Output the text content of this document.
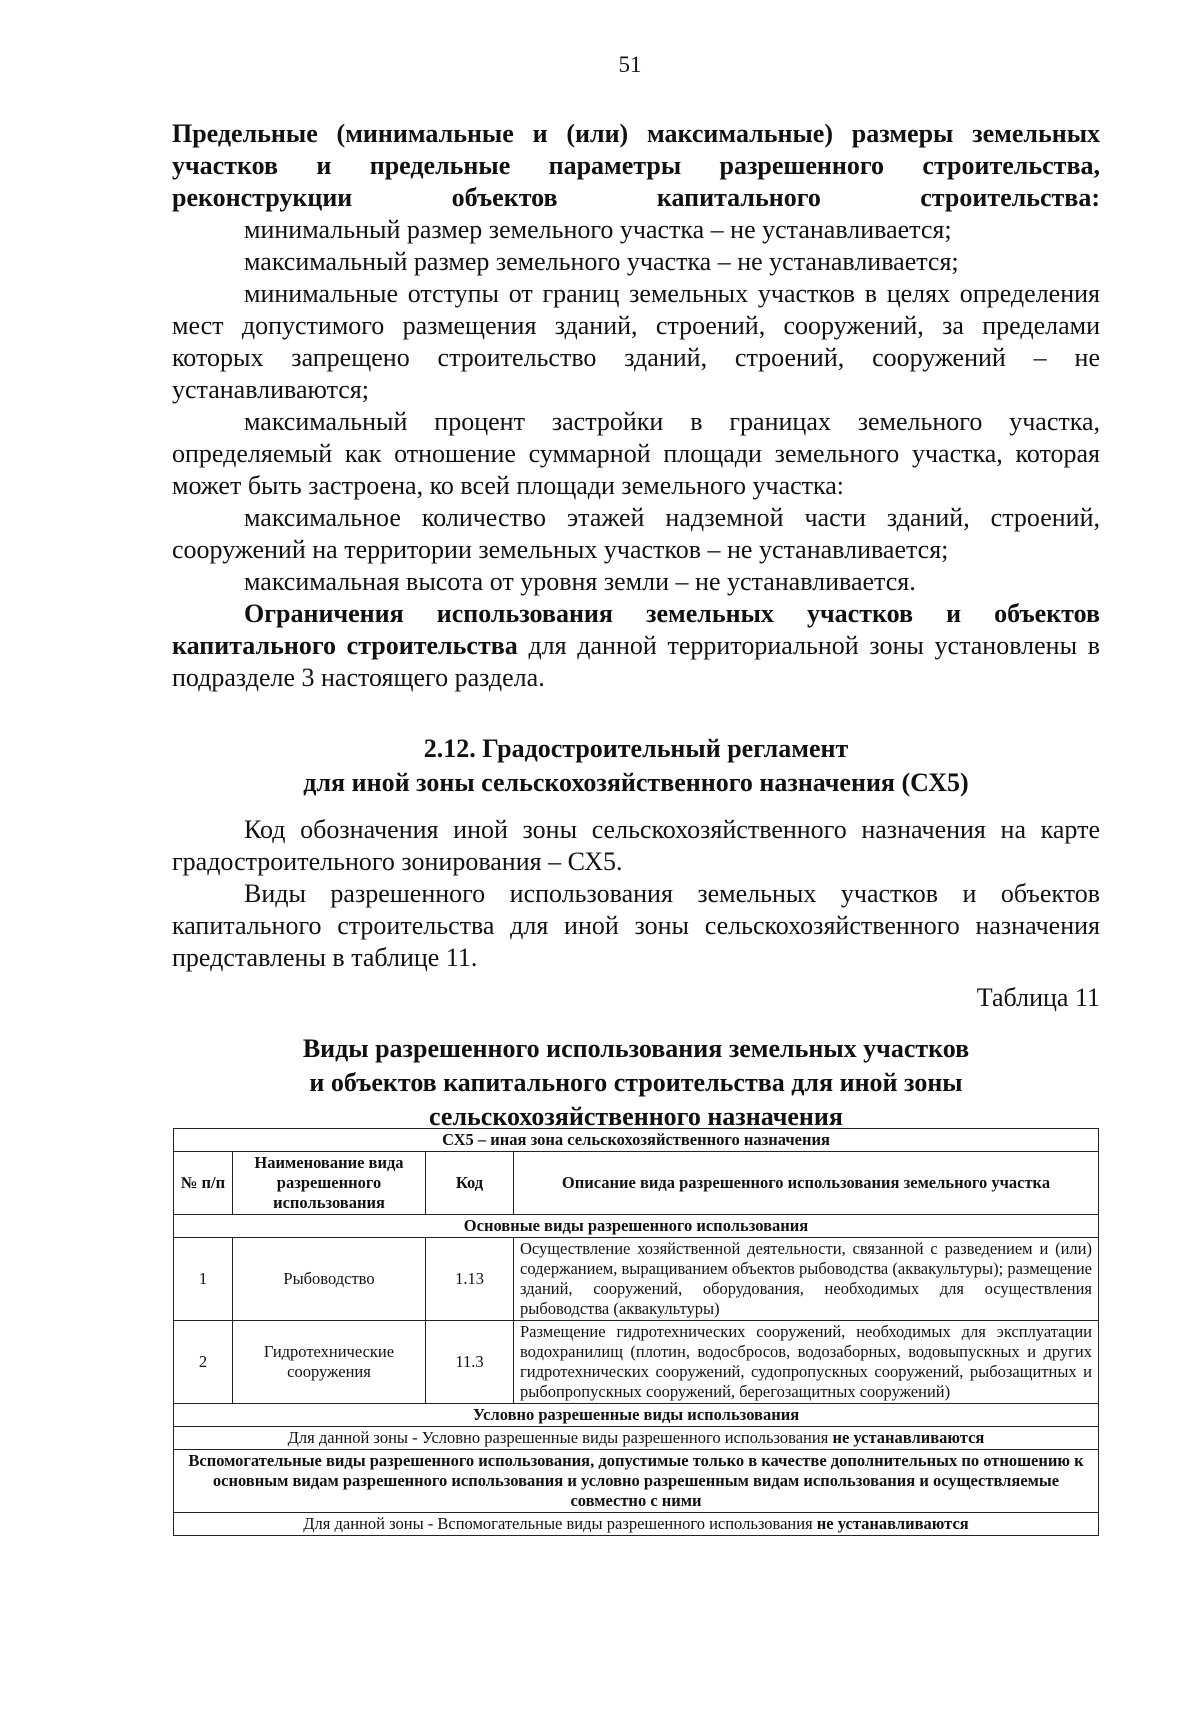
51

Предельные (минимальные и (или) максимальные) размеры земельных участков и предельные параметры разрешенного строительства, реконструкции объектов капитального строительства:

минимальный размер земельного участка – не устанавливается;

максимальный размер земельного участка – не устанавливается;

минимальные отступы от границ земельных участков в целях определения мест допустимого размещения зданий, строений, сооружений, за пределами которых запрещено строительство зданий, строений, сооружений – не устанавливаются;

максимальный процент застройки в границах земельного участка, определяемый как отношение суммарной площади земельного участка, которая может быть застроена, ко всей площади земельного участка:

максимальное количество этажей надземной части зданий, строений, сооружений на территории земельных участков – не устанавливается;

максимальная высота от уровня земли – не устанавливается.

Ограничения использования земельных участков и объектов капитального строительства для данной территориальной зоны установлены в подразделе 3 настоящего раздела.

2.12. Градостроительный регламент
для иной зоны сельскохозяйственного назначения (СХ5)

Код обозначения иной зоны сельскохозяйственного назначения на карте градостроительного зонирования – СХ5.

Виды разрешенного использования земельных участков и объектов капитального строительства для иной зоны сельскохозяйственного назначения представлены в таблице 11.

Таблица 11

Виды разрешенного использования земельных участков
и объектов капитального строительства для иной зоны
сельскохозяйственного назначения

СХ5 – иная зона сельскохозяйственного назначения			
№ п/п	Наименование вида разрешенного использования	Код	Описание вида разрешенного использования земельного участка
Основные виды разрешенного использования			
1	Рыбоводство	1.13	Осуществление хозяйственной деятельности, связанной с разведением и (или) содержанием, выращиванием объектов рыбоводства (аквакультуры); размещение зданий, сооружений, оборудования, необходимых для осуществления рыбоводства (аквакультуры)
2	Гидротехнические сооружения	11.3	Размещение гидротехнических сооружений, необходимых для эксплуатации водохранилищ (плотин, водосбросов, водозаборных, водовыпускных и других гидротехнических сооружений, судопропускных сооружений, рыбозащитных и рыбопропускных сооружений, берегозащитных сооружений)
Условно разрешенные виды использования			
Для данной зоны - Условно разрешенные виды разрешенного использования не устанавливаются			
Вспомогательные виды разрешенного использования, допустимые только в качестве дополнительных по отношению к основным видам разрешенного использования и условно разрешенным видам использования и осуществляемые совместно с ними			
Для данной зоны - Вспомогательные виды разрешенного использования не устанавливаются			
